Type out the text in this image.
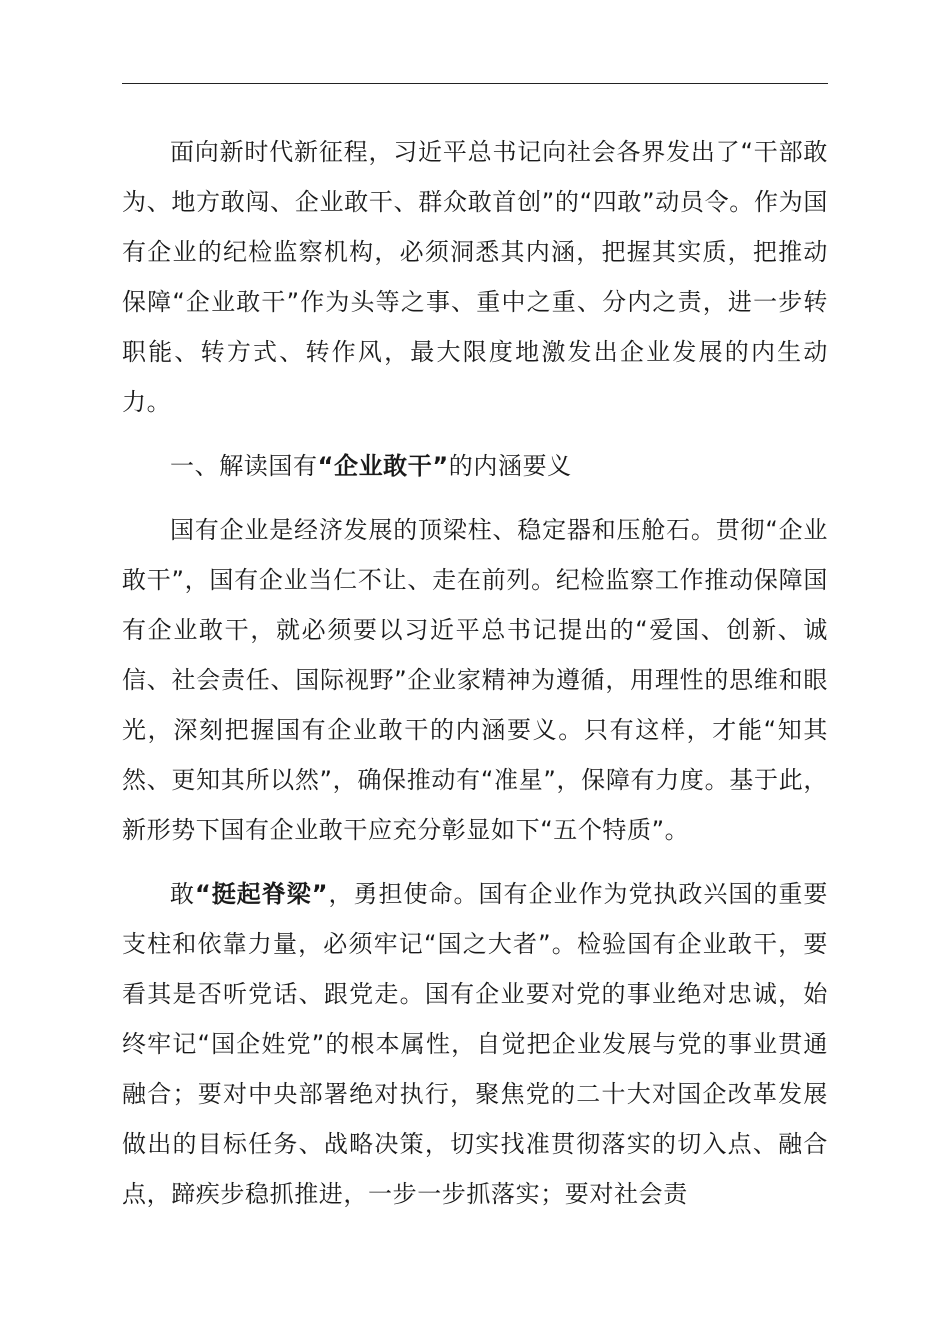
面向新时代新征程，习近平总书记向社会各界发出了“干部敢为、地方敢闯、企业敢干、群众敢首创”的“四敢”动员令。作为国有企业的纪检监察机构，必须洞悉其内涵，把握其实质，把推动保障“企业敢干”作为头等之事、重中之重、分内之责，进一步转职能、转方式、转作风，最大限度地激发出企业发展的内生动力。

一、解读国有“企业敢干”的内涵要义

国有企业是经济发展的顶梁柱、稳定器和压舱石。贯彻“企业敢干”，国有企业当仁不让、走在前列。纪检监察工作推动保障国有企业敢干，就必须要以习近平总书记提出的“爱国、创新、诚信、社会责任、国际视野”企业家精神为遵循，用理性的思维和眼光，深刻把握国有企业敢干的内涵要义。只有这样，才能“知其然、更知其所以然”，确保推动有“准星”，保障有力度。基于此，新形势下国有企业敢干应充分彰显如下“五个特质”。

敢“挺起脊梁”，勇担使命。国有企业作为党执政兴国的重要支柱和依靠力量，必须牢记“国之大者”。检验国有企业敢干，要看其是否听党话、跟党走。国有企业要对党的事业绝对忠诚，始终牢记“国企姓党”的根本属性，自觉把企业发展与党的事业贯通融合；要对中央部署绝对执行，聚焦党的二十大对国企改革发展做出的目标任务、战略决策，切实找准贯彻落实的切入点、融合点，蹄疾步稳抓推进，一步一步抓落实；要对社会责
